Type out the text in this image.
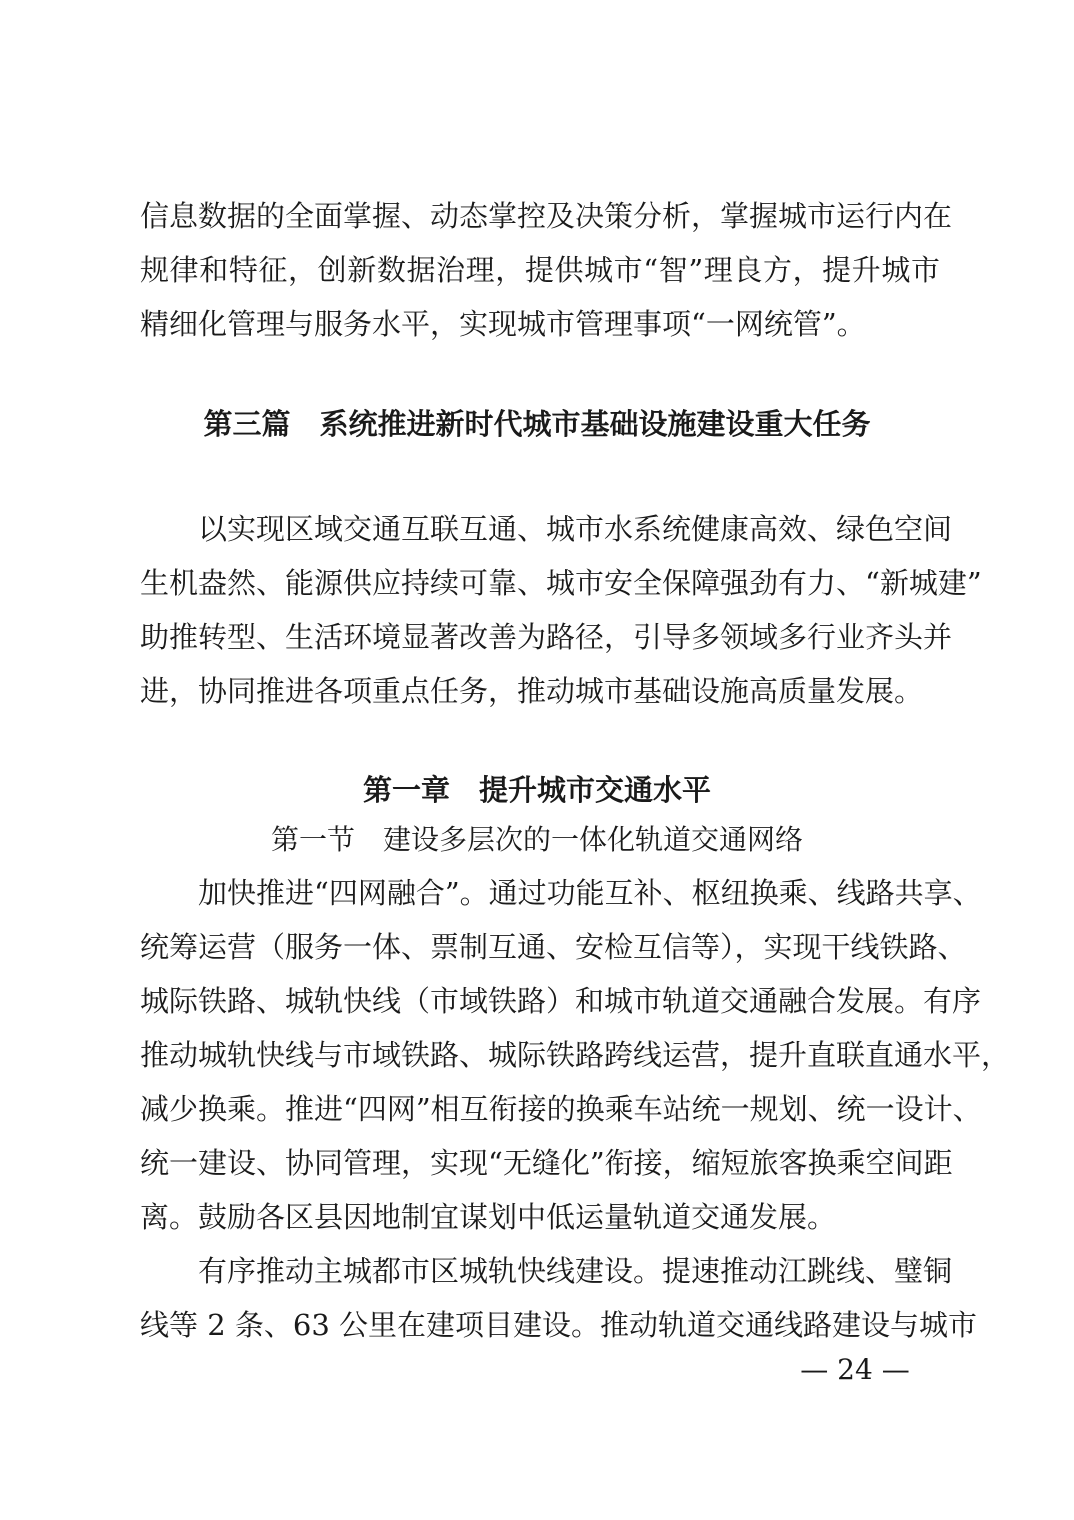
信息数据的全面掌握、动态掌控及决策分析，掌握城市运行内在
规律和特征，创新数据治理，提供城市“智”理良方，提升城市
精细化管理与服务水平，实现城市管理事项“一网统管”。
第三篇　系统推进新时代城市基础设施建设重大任务
以实现区域交通互联互通、城市水系统健康高效、绿色空间
生机盎然、能源供应持续可靠、城市安全保障强劲有力、“新城建”
助推转型、生活环境显著改善为路径，引导多领域多行业齐头并
进，协同推进各项重点任务，推动城市基础设施高质量发展。
第一章　提升城市交通水平
第一节　建设多层次的一体化轨道交通网络
加快推进“四网融合”。通过功能互补、枢纽换乘、线路共享、
统筹运营（服务一体、票制互通、安检互信等），实现干线铁路、
城际铁路、城轨快线（市域铁路）和城市轨道交通融合发展。有序
推动城轨快线与市域铁路、城际铁路跨线运营，提升直联直通水平，
减少换乘。推进“四网”相互衔接的换乘车站统一规划、统一设计、
统一建设、协同管理，实现“无缝化”衔接，缩短旅客换乘空间距
离。鼓励各区县因地制宜谋划中低运量轨道交通发展。
有序推动主城都市区城轨快线建设。提速推动江跳线、璧铜
线等 2 条、63 公里在建项目建设。推动轨道交通线路建设与城市
— 24 —
